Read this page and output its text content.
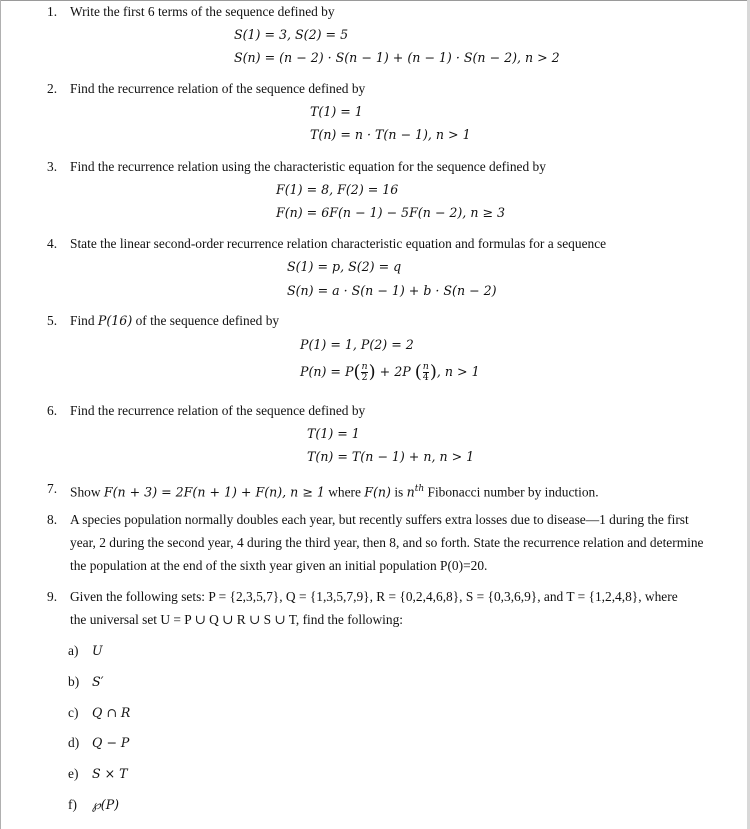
1. Write the first 6 terms of the sequence defined by
S(1) = 3, S(2) = 5
S(n) = (n − 2) · S(n − 1) + (n − 1) · S(n − 2), n > 2
2. Find the recurrence relation of the sequence defined by
T(1) = 1
T(n) = n · T(n − 1), n > 1
3. Find the recurrence relation using the characteristic equation for the sequence defined by
F(1) = 8, F(2) = 16
F(n) = 6F(n − 1) − 5F(n − 2), n ≥ 3
4. State the linear second-order recurrence relation characteristic equation and formulas for a sequence
S(1) = p, S(2) = q
S(n) = a · S(n − 1) + b · S(n − 2)
5. Find P(16) of the sequence defined by
P(1) = 1, P(2) = 2
$P(n) = P( \frac{n}{2}$ ) + 2P ( $\frac{n}{4}$ ), n > 1
6. Find the recurrence relation of the sequence defined by
T(1) = 1
T(n) = T(n − 1) + n, n > 1
7. Show F(n + 3) = 2F(n + 1) + F(n), n ≥ 1 where F(n) is $n^{th}$ Fibonacci number by induction.
8. A species population normally doubles each year, but recently suffers extra losses due to disease—1 during the first year, 2 during the second year, 4 during the third year, then 8, and so forth. State the recurrence relation and determine the population at the end of the sixth year given an initial population P(0)=20.
9. Given the following sets: P = {2,3,5,7}, Q = {1,3,5,7,9}, R = {0,2,4,6,8}, S = {0,3,6,9}, and T = {1,2,4,8}, where
the universal set U = P ∪ Q ∪ R ∪ S ∪ T, find the following:
a) U
b) S′
c) Q ∩ R
d) Q − P
e) S × T
f) ℘(P)
